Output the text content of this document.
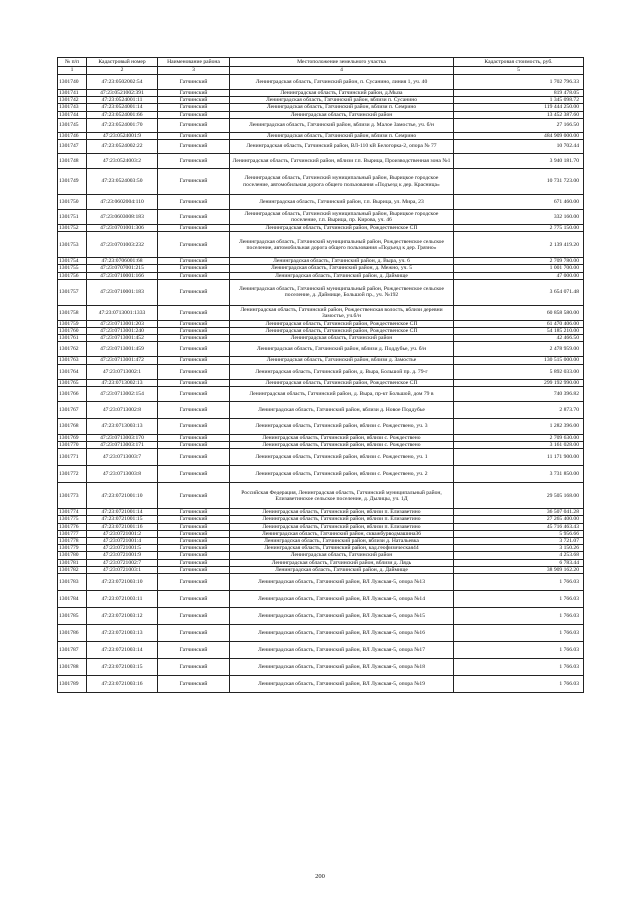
№ п/п	Кадастровый номер	Наименование района	Местоположение земельного участка	Кадастровая стоимость, руб.
1	2	3	4	5
1301740	47:23:0502002:54	Гатчинский	Ленинградская область, Гатчинский район, п. Сусанино, линия 1, уч. 40	1 702 796.33
1301741	47:23:0521002:391	Гатчинский	Ленинградская область, Гатчинский район, д.Мыза	819 478.05
1301742	47:23:0524001:11	Гатчинский	Ленинградская область, Гатчинский район, вблизи п. Сусанино	1 345 098.72
1301743	47:23:0524001:14	Гатчинский	Ленинградская область, Гатчинский район, вблизи п. Семрино	119 444 250.00
1301744	47:23:0524001:66	Гатчинский	Ленинградская область, Гатчинский район	13 452 387.60
1301745	47:23:0524001:70	Гатчинский	Ленинградская область, Гатчинский район, вблизи д. Малое Замостье, уч. б/н	27 166.50
1301746	47:23:0524001:9	Гатчинский	Ленинградская область, Гатчинский район, вблизи п. Семрино	484 909 000.00
1301747	47:23:0524002:22	Гатчинский	Ленинградская область, Гатчинский район, ВЛ-110 кВ Белогорка-2, опора № 77	10 702.44
1301748	47:23:0524003:2	Гатчинский	Ленинградская область, Гатчинский район, вблизи г.п. Вырица, Производственная зона №1	3 940 181.70
1301749	47:23:0524003:50	Гатчинский	Ленинградская область, Гатчинский муниципальный район, Вырицкое городское поселение, автомобильная дорога общего пользования «Подъезд к дер. Красница»	10 731 723.00
1301750	47:23:0602004:110	Гатчинский	Ленинградская область, Гатчинский район, г.п. Вырица, ул. Мира, 23	671 460.00
1301751	47:23:0603008:183	Гатчинский	Ленинградская область, Гатчинский муниципальный район, Вырицкое городское поселение, г.п. Вырица, пр. Кирова, уч. 46	332 160.00
1301752	47:23:0701001:306	Гатчинский	Ленинградская область, Гатчинский район, Рождественское СП	2 775 150.00
1301753	47:23:0701003:232	Гатчинский	Ленинградская область, Гатчинский муниципальный район, Рождественское сельское поселение, автомобильная дорога общего пользования «Подъезд к дер. Грязно»	2 139 419.20
1301754	47:23:0706001:68	Гатчинский	Ленинградская область, Гатчинский район, д. Выра, уч. 6	2 709 780.00
1301755	47:23:0707001:215	Гатчинский	Ленинградская область, Гатчинский район, д. Межно, уч. 5	1 001 700.00
1301756	47:23:0710001:166	Гатчинский	Ленинградская область, Гатчинский район, д. Даймище	47 000.00
1301757	47:23:0710001:183	Гатчинский	Ленинградская область, Гатчинский муниципальный район, Рождественское сельское поселение, д. Даймище, Большой пр., уч. №192	3 654 071.48
1301758	47:23:0713001:1333	Гатчинский	Ленинградская область, Гатчинский район, Рождественская волость, вблизи деревни Замостье, уч.б/н	60 858 580.00
1301759	47:23:0713001:203	Гатчинский	Ленинградская область, Гатчинский район, Рождественское СП	61 470 406.00
1301760	47:23:0713001:240	Гатчинский	Ленинградская область, Гатчинский район, Рождественское СП	54 185 210.00
1301761	47:23:0713001:452	Гатчинский	Ленинградская область, Гатчинский район	42 466.50
1301762	47:23:0713001:459	Гатчинский	Ленинградская область, Гатчинский район, вблизи д. Поддубье, уч. б/н	2 478 959.00
1301763	47:23:0713001:472	Гатчинский	Ленинградская область, Гатчинский район, вблизи д. Замостье	130 515 000.00
1301764	47:23:0713002:1	Гатчинский	Ленинградская область, Гатчинский район, д. Выра, Большой пр. д. 79-г	5 892 033.00
1301765	47:23:0713002:13	Гатчинский	Ленинградская область, Гатчинский район, Рождественское СП	299 192 990.00
1301766	47:23:0713002:154	Гатчинский	Ленинградская область, Гатчинский район, д. Выра, пр-кт Большой, дом 79 в	740 396.82
1301767	47:23:0713002:8	Гатчинский	Ленинградская область, Гатчинский район, вблизи д. Новое Поддубье	2 873.70
1301768	47:23:0713003:13	Гатчинский	Ленинградская область, Гатчинский район, вблизи с. Рождествено, уч. 3	1 282 396.00
1301769	47:23:0713003:170	Гатчинский	Ленинградская область, Гатчинский район, вблизи с. Рождествено	2 709 630.00
1301770	47:23:0713003:171	Гатчинский	Ленинградская область, Гатчинский район, вблизи с. Рождествено	3 161 028.00
1301771	47:23:0713003:7	Гатчинский	Ленинградская область, Гатчинский район, вблизи с. Рождествено, уч. 1	11 171 900.00
1301772	47:23:0713003:8	Гатчинский	Ленинградская область, Гатчинский район, вблизи с. Рождествено, уч. 2	3 731 850.00
1301773	47:23:0721001:10	Гатчинский	Российская Федерация, Ленинградская область, Гатчинский муниципальный район, Елизаветинское сельское поселение, д. Дылицы, уч. 1Д	29 505 168.00
1301774	47:23:0721001:14	Гатчинский	Ленинградская область, Гатчинский район, вблизи п. Елизаветино	36 507 041.28
1301775	47:23:0721001:15	Гатчинский	Ленинградская область, Гатчинский район, вблизи п. Елизаветино	27 265 400.00
1301776	47:23:0721001:16	Гатчинский	Ленинградская область, Гатчинский район, вблизи п. Елизаветино	45 716 463.43
1301777	47:23:0721001:2	Гатчинский	Ленинградская область, Гатчинский район, скважбурводмашина36	5 956.66
1301778	47:23:0721001:4	Гатчинский	Ленинградская область, Гатчинский район, вблизи д. Натальевка	3 721.07
1301779	47:23:0721001:5	Гатчинский	Ленинградская область, Гатчинский район, кад.геофизическая44	3 150.26
1301780	47:23:0721001:9	Гатчинский	Ленинградская область, Гатчинский район	4 253.68
1301781	47:23:0721002:7	Гатчинский	Ленинградская область, Гатчинский район, вблизи д. Лядь	6 783.44
1301782	47:23:0721003:1	Гатчинский	Ленинградская область, Гатчинский район, д. Даймище	38 909 162.20
1301783	47:23:0721003:10	Гатчинский	Ленинградская область, Гатчинский район, ВЛ Лужская-5, опора №13	1 766.03
1301784	47:23:0721003:11	Гатчинский	Ленинградская область, Гатчинский район, ВЛ Лужская-5, опора №14	1 766.03
1301785	47:23:0721003:12	Гатчинский	Ленинградская область, Гатчинский район, ВЛ Лужская-5, опора №15	1 766.03
1301786	47:23:0721003:13	Гатчинский	Ленинградская область, Гатчинский район, ВЛ Лужская-5, опора №16	1 766.03
1301787	47:23:0721003:14	Гатчинский	Ленинградская область, Гатчинский район, ВЛ Лужская-5, опора №17	1 766.03
1301788	47:23:0721003:15	Гатчинский	Ленинградская область, Гатчинский район, ВЛ Лужская-5, опора №18	1 766.03
1301789	47:23:0721003:16	Гатчинский	Ленинградская область, Гатчинский район, ВЛ Лужская-5, опора №19	1 766.03
200
